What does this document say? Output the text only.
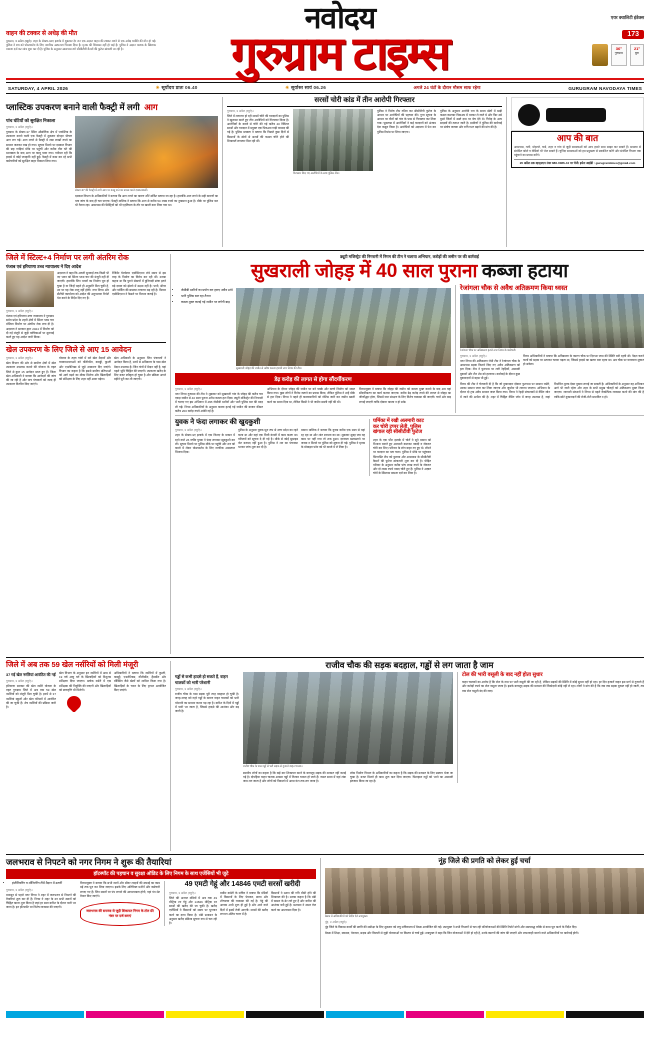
वाहन की टक्कर से अधेड़ की मौत
गुरुग्राम, 3 अप्रैल (ब्यूरो)। शहर के सेक्टर-10ए इलाके में शुक्रवार देर रात एक अज्ञात वाहन की टक्कर लगने से एक अधेड़ व्यक्ति की मौत हो गई। पुलिस ने शव को पोस्टमार्टम के लिए नागरिक अस्पताल भिजवा दिया है। मृतक की शिनाख्त नहीं हो पाई है। पुलिस ने अज्ञात चालक के खिलाफ मामला दर्ज कर जांच शुरू कर दी है। पुलिस के अनुसार आसपास लगे सीसीटीवी कैमरों की फुटेज खंगाली जा रही है।
नवोदय
गुरुग्राम टाइम्स
एयर क्वालिटी इंडेक्स
173
36°
गुरुग्राम
21°
बुरा
SATURDAY, 4 APRIL 2026	☀ सूर्योदय प्रातः 06.40	☀ सूर्यास्त सायं 06.26	अगले 24 घंटों के दौरान मौसम साफ रहेगा	GURUGRAM NAVODAYA TIMES
प्लास्टिक उपकरण बनाने वाली फैक्ट्री में लगी आग
पांच घंटियों को सुरक्षित निकाला
गुरुग्राम, 3 अप्रैल (ब्यूरो)।
गुरुग्राम के सेक्टर-37 स्थित औद्योगिक क्षेत्र में प्लास्टिक के उपकरण बनाने वाली एक फैक्ट्री में शुक्रवार दोपहर भीषण आग लग गई। आग लगने से फैक्ट्री में रखा लाखों रुपये का सामान जलकर राख हो गया। सूचना मिलने पर दमकल विभाग की छह गाड़ियां मौके पर पहुंचीं और करीब तीन घंटे की मशक्कत के बाद आग पर काबू पाया गया। गनीमत रही कि हादसे में कोई जनहानि नहीं हुई। फैक्ट्री में काम कर रहे सभी कर्मचारियों को सुरक्षित बाहर निकाल लिया गया।
सेक्टर-37 की फैक्ट्री में लगी आग पर काबू पाने का प्रयास करते दमकलकर्मी।
दमकल विभाग के अधिकारियों ने बताया कि आग लगने का कारण शॉर्ट सर्किट बताया जा रहा है। हालांकि आग लगने के सही कारणों का पता जांच के बाद ही चल पाएगा। फैक्ट्री मालिक ने बताया कि आग से करीब 50 लाख रुपये का नुकसान हुआ है। मौके पर पुलिस बल भी तैनात रहा। आसपास की फैक्ट्रियों को भी एहतियात के तौर पर खाली करा लिया गया था।
सरसों चोरी कांड में तीन आरोपी गिरफ्तार
गुरुग्राम, 3 अप्रैल (ब्यूरो)।
जिले में लगातार हो रही सरसों चोरी की वारदातों का पुलिस ने खुलासा करते हुए तीन आरोपियों को गिरफ्तार किया है। आरोपियों के कब्जे से चोरी की गई करीब 40 क्विंटल सरसों और वारदात में प्रयुक्त एक पिकअप गाड़ी बरामद की गई है। पुलिस प्रवक्ता ने बताया कि पिछले कुछ दिनों से किसानों के खेतों से सरसों की फसल चोरी होने की शिकायतें लगातार मिल रही थीं।
गिरफ्तार किए गए आरोपियों के साथ पुलिस टीम।
पुलिस ने विशेष टीम गठित कर सीसीटीवी फुटेज के आधार पर आरोपियों की पहचान की। गुप्त सूचना के आधार पर तीनों को गांव के पास से गिरफ्तार कर लिया गया। पूछताछ में आरोपियों ने कई वारदातों को अंजाम देना कबूल किया है। आरोपियों को अदालत में पेश कर पुलिस रिमांड पर लिया जाएगा।
पुलिस के अनुसार आरोपी रात के समय खेतों में खड़ी फसल काटकर पिकअप में भरकर ले जाते थे और फिर उसे दूसरे जिलों में सस्ते दाम पर बेच देते थे। गिरोह के अन्य सदस्यों की तलाश जारी है। ग्रामीणों ने पुलिस की कार्रवाई पर संतोष जताया और रात्रि गश्त बढ़ाने की मांग की है।
आप की बात
आसपास, गली, मोहल्ले, वार्ड, शहर व गांव से जुड़ी समस्याओं को आप हमारे साथ साझा कर सकते हैं। समस्या से संबंधित फोटो व वीडियो भी भेज सकते हैं। चुनिंदा समस्याओं को हम प्रमुखता से प्रकाशित करेंगे और संबंधित विभाग तक पहुंचाने का प्रयास करेंगे।
20 अप्रैल तक व्हाट्सएप नंबर 886-0086-44 पर भेजें। इमेल आईडी : gurugramtimes@gmail.com
जिले में स्टिल्ट+4 निर्माण पर लगी अंतरिम रोक
पंजाब एवं हरियाणा उच्च न्यायालय ने दिए आदेश
गुरुग्राम, 3 अप्रैल (ब्यूरो)।
पंजाब एवं हरियाणा उच्च न्यायालय ने गुरुग्राम समेत प्रदेश के शहरी क्षेत्रों में स्टिल्ट प्लस चार मंजिला निर्माण पर अंतरिम रोक लगा दी है। अदालत ने सरकार द्वारा 2024 में निर्माण को दी गई मंजूरी से जुड़ी याचिकाओं पर सुनवाई करते हुए यह आदेश जारी किया।
अदालत ने कहा कि अगली सुनवाई तक किसी भी नए भवन को स्टिल्ट प्लस चार की मंजूरी नहीं दी जाएगी। हालांकि जिन भवनों का निर्माण पूरा हो चुका है या जिन्हें पहले ही अनुमति मिल चुकी है, उन पर यह रोक लागू नहीं होगी। नगर निगम और डीटीपी कार्यालय को आदेश की अनुपालना रिपोर्ट पेश करने के निर्देश दिए गए हैं।
रेजिडेंट वेलफेयर एसोसिएशन लंबे समय से इस तरह के निर्माण का विरोध कर रही थीं। उनका कहना था कि पुराने सेक्टरों में बुनियादी ढांचा इतने बड़े दबाव को झेलने में सक्षम नहीं है। पानी, सीवर और पार्किंग की समस्या लगातार बढ़ रही है। बिल्डर एसोसिएशन ने फैसले पर निराशा जताई है।
खेल उपकरण के लिए जिले से आए 15 आवेदन
गुरुग्राम, 3 अप्रैल (ब्यूरो)।
खेल विभाग की ओर से ग्रामीण क्षेत्रों में खेल उपकरण उपलब्ध कराने की योजना के तहत जिले से कुल 15 आवेदन प्राप्त हुए हैं। जिला खेल अधिकारी ने बताया कि आवेदनों की जांच की जा रही है और पात्र पंचायतों को जल्द ही उपकरण वितरित किए जाएंगे।
योजना के तहत गांवों में बने खेल मैदानों और व्यायामशालाओं को वॉलीबॉल, कबड्डी, कुश्ती और एथलेटिक्स से जुड़े उपकरण दिए जाएंगे। विभाग का कहना है कि इससे ग्रामीण प्रतिभाओं को आगे बढ़ने का मौका मिलेगा और खिलाड़ियों को प्रशिक्षण के लिए शहर नहीं आना पड़ेगा।
खेल अधिकारी के अनुसार जिन पंचायतों ने आवेदन किया है, उनमें से अधिकतर के पास खेल मैदान उपलब्ध है। जिन गांवों में मैदान नहीं है, वहां पहले भूमि चिह्नित की जाएगी। उपकरण खरीद के लिए बजट स्वीकृत हो चुका है और प्रक्रिया अगले महीने पूरी कर ली जाएगी।
ड्यूटी मजिस्ट्रेट की निगरानी में निगम की टीम ने चलाया अभियान, करोड़ों की जमीन पर की कार्रवाई
सुखराली जोहड़ में 40 साल पुराना कब्जा हटाया
• जेसीबी मशीनों का प्रयोग कर हटाए अवैध ढांचे
• भारी पुलिस बल रहा तैनात
• कब्जा मुक्त कराई गई जमीन पर लगेगी बाड़
सुखराली जोहड़ की जमीन से अवैध कब्जा हटाती नगर निगम की टीम।
डेढ़ करोड़ की लागत से होगा सौंदर्यीकरण
गुरुग्राम, 3 अप्रैल (ब्यूरो)।
नगर निगम गुरुग्राम की टीम ने शुक्रवार को सुखराली गांव के जोहड़ की करीब चार एकड़ जमीन से 40 साल पुराना अवैध कब्जा हटा दिया। ड्यूटी मजिस्ट्रेट की निगरानी में चलाए गए इस अभियान में आठ जेसीबी मशीनों और भारी पुलिस बल की मदद ली गई। निगम अधिकारियों के अनुसार कब्जा हटाई गई जमीन की बाजार कीमत करीब 200 करोड़ रुपये आंकी गई है।
अभियान के दौरान जोहड़ की जमीन पर बने पक्के और कच्चे निर्माण को ध्वस्त किया गया। कुछ लोगों ने विरोध जताने का प्रयास किया, लेकिन पुलिस ने उन्हें मौके से हटा दिया। निगम ने पहले ही कब्जाधारियों को नोटिस जारी कर जमीन खाली करने का समय दिया था, लेकिन किसी ने भी जमीन खाली नहीं की थी।
निगमायुक्त ने बताया कि जोहड़ की जमीन को कब्जा मुक्त कराने के बाद अब वहां सौंदर्यीकरण का कार्य कराया जाएगा। करीब डेढ़ करोड़ रुपये की लागत से जोहड़ का जीर्णोद्धार होगा, जिसमें जल संरक्षण के लिए विशेष व्यवस्था की जाएगी। चारों ओर बाड़ लगाई जाएगी ताकि दोबारा कब्जा न हो सके।
रेजांगला चौक से अवैध अतिक्रमण किया ध्वस्त
रेजांगला चौक पर अतिक्रमण हटाते नगर निगम के कर्मचारी।
गुरुग्राम, 3 अप्रैल (ब्यूरो)।
नगर निगम की अतिक्रमण रोधी टीम ने रेजांगला चौक के आसपास सड़क किनारे किए गए अवैध अतिक्रमण को हटा दिया। टीम ने फुटपाथ पर लगी रेहड़ियों, अस्थायी दुकानों और टीन शेड को हटवाया। कार्रवाई के दौरान कुछ दुकानदारों से बहस भी हुई।
निगम अधिकारियों ने बताया कि अतिक्रमण के कारण चौक पर दिनभर जाम की स्थिति बनी रहती थी। पैदल चलने वालों को सड़क पर उतरकर चलना पड़ता था, जिससे हादसे का खतरा बना रहता था। अब चौक पर यातायात सुचारु हो सकेगा।
निगम की टीम ने चेतावनी दी है कि जो दुकानदार दोबारा फुटपाथ पर सामान रखेंगे, उनका सामान जब्त कर लिया जाएगा और जुर्माना भी लगाया जाएगा। अभियान के दौरान दो ट्रक अवैध सामान जब्त किया गया। निगम ने रेहड़ी संचालकों से वेंडिंग जोन में जाने की अपील की है। शहर में चिह्नित वेंडिंग जोन में जगह उपलब्ध है, जहां निर्धारित शुल्क देकर दुकान लगाई जा सकती है। अधिकारियों के अनुसार यह अभियान आगे भी जारी रहेगा और शहर के सभी प्रमुख चौराहों को अतिक्रमण मुक्त किया जाएगा। व्यापारी संगठनों ने निगम से पहले वैकल्पिक व्यवस्था करने की मांग की है ताकि छोटे दुकानदारों की रोजी-रोटी प्रभावित न हो।
युवक ने फंदा लगाकर की खुदकुशी
गुरुग्राम, 3 अप्रैल (ब्यूरो)।
शहर के सेक्टर-9ए इलाके में एक किराए के मकान में रहने वाले 26 वर्षीय युवक ने फंदा लगाकर खुदकुशी कर ली। सूचना मिलने पर पुलिस मौके पर पहुंची और शव को कब्जे में लेकर पोस्टमार्टम के लिए नागरिक अस्पताल भिजवा दिया।
पुलिस के अनुसार युवक मूल रूप से उत्तर प्रदेश का रहने वाला था और यहां एक निजी कंपनी में काम करता था। परिजनों को सूचना दे दी गई है। मौके से कोई सुसाइड नोट बरामद नहीं हुआ है। पुलिस ने शव का पंचनामा भरकर जांच शुरू कर दी है।
मकान मालिक ने बताया कि युवक करीब एक साल से यहां रह रहा था और शांत स्वभाव का था। शुक्रवार सुबह जब वह काम पर नहीं गया तो शक हुआ। दरवाजा खटखटाने पर जवाब न मिलने पर पुलिस को सूचना दी गई। पुलिस ने मृतक के मोबाइल फोन को भी कब्जे में ले लिया है।
घर्मिका में रखी अलमारी काट कर चोरी टप्पर लेती, पुलिस खंगाल रही सीसीटीवी फुटेज
शहर के एक पॉश इलाके में चोरों ने सूने मकान को निशाना बनाते हुए अलमारी काटकर नकदी व जेवरात चोरी कर लिए। परिवार के लोग बाहर गए हुए थे। लौटने पर वारदात का पता चला। पुलिस ने मौके पर पहुंचकर फिंगरप्रिंट टीम को बुलाया और आसपास के सीसीटीवी कैमरों की फुटेज खंगालनी शुरू कर दी है। पीड़ित परिवार के अनुसार करीब पांच लाख रुपये के जेवरात और दो लाख रुपये नकद चोरी हुए हैं। पुलिस ने अज्ञात चोरों के खिलाफ मामला दर्ज कर लिया है।
जिले में अब तक 59 खेल नर्सरियों को मिली मंजूरी
37 गई खेल नर्सरियां आवंटित की गईं
गुरुग्राम, 3 अप्रैल (ब्यूरो)।
हरियाणा सरकार की खेल नर्सरी योजना के तहत गुरुग्राम जिले में अब तक 59 खेल नर्सरियों को मंजूरी मिल चुकी है। इनमें से 37 नर्सरियां स्कूलों और खेल परिसरों में आवंटित की जा चुकी हैं। शेष नर्सरियों की प्रक्रिया जारी है।
खेल विभाग के अनुसार इन नर्सरियों में आठ से 19 वर्ष आयु वर्ग के खिलाड़ियों को निशुल्क प्रशिक्षण दिया जाएगा। प्रत्येक नर्सरी में एक प्रशिक्षक की नियुक्ति की जाएगी और खिलाड़ियों को छात्रवृत्ति भी मिलेगी।
अधिकारियों ने बताया कि नर्सरियों में कुश्ती, कबड्डी, एथलेटिक्स, वॉलीबॉल, हैंडबॉल और बॉक्सिंग जैसे खेलों को शामिल किया गया है। खिलाड़ियों के चयन के लिए ट्रायल आयोजित किए जाएंगे।
राजीव चौक की सड़क बदहाल, गड्ढों से लग जाता है जाम
गड्ढों से कभी हादसे हो सकते हैं, वाहन चालकों को भारी परेशानी
गुरुग्राम, 3 अप्रैल (ब्यूरो)।
राजीव चौक के पास सड़क पूरी तरह बदहाल हो चुकी है। जगह-जगह बने गहरे गड्ढों के कारण वाहन चालकों को भारी परेशानी का सामना करना पड़ रहा है। बारिश के दिनों में गड्ढों में पानी भर जाता है, जिससे हादसे की आशंका और बढ़ जाती है।
राजीव चौक के पास गड्ढों से भरी सड़क से गुजरते वाहन चालक।
स्थानीय लोगों का कहना है कि कई बार शिकायत करने के बावजूद सड़क की मरम्मत नहीं कराई गई है। दोपहिया वाहन चालक अक्सर गड्ढों में गिरकर घायल हो जाते हैं। व्यस्त समय में यहां लंबा जाम लग जाता है और लोगों को निकलने में आधा घंटा तक लग जाता है।
लोक निर्माण विभाग के अधिकारियों का कहना है कि सड़क की मरम्मत के लिए प्रस्ताव भेजा जा चुका है। बजट मिलते ही काम शुरू करा दिया जाएगा। फिलहाल गड्ढों को भरने का अस्थायी इंतजाम किया जा रहा है।
टोल की भारी वसूली के बाद नहीं होता सुधार
वाहन चालकों का आरोप है कि टोल के नाम पर भारी वसूली की जा रही है, लेकिन सड़कों की स्थिति में कोई सुधार नहीं हो रहा। हर दिन हजारों वाहन इस मार्ग से गुजरते हैं और करोड़ों रुपये का टोल वसूला जाता है। इसके बावजूद सड़क की मरम्मत की जिम्मेदारी कोई नहीं ले रहा। लोगों ने मांग की है कि जब तक सड़क दुरुस्त नहीं हो जाती, तब तक टोल वसूली बंद की जाए।
जलभराव से निपटने को नगर निगम ने शुरू की तैयारियां
हॉटस्पॉट की पहचान व सुरक्षा ऑडिट के लिए निगम के साथ एजेंसियों भी जुटे
• इंजीनियरिंग व मॉनिटरिंग टीमें मैदान में उतारीं
गुरुग्राम, 3 अप्रैल (ब्यूरो)।
मानसून से पहले नगर निगम ने शहर में जलभराव से निपटने की तैयारियां शुरू कर दी हैं। निगम ने शहर के उन सभी स्थानों को चिह्नित करना शुरू किया है जहां हर साल बारिश के दौरान पानी भर जाता है। इन हॉटस्पॉट पर विशेष व्यवस्था की जाएगी।
निगमायुक्त ने बताया कि सभी नालों और सीवर लाइनों की सफाई का काम मई तक पूरा कर लिया जाएगा। इसके लिए अतिरिक्त मशीनें और कर्मचारी लगाए गए हैं। जिन स्थानों पर पंप लगाने की आवश्यकता होगी, वहां पंप सेट तैनात किए जाएंगे।
जलभराव की समस्या से जुड़ी शिकायत निगम के टोल फ्री नंबर पर दर्ज कराएं
49 एमटी गेहूं और 14846 एमटी सरसों खरीदी
गुरुग्राम, 3 अप्रैल (ब्यूरो)।
जिले की अनाज मंडियों में अब तक 49 मीट्रिक टन गेहूं और 14846 मीट्रिक टन सरसों की खरीद की जा चुकी है। खरीद एजेंसियों ने किसानों को समय पर भुगतान करने का दावा किया है। मंडी प्रशासन के अनुसार खरीद प्रक्रिया सुचारु रूप से चल रही है।
मार्केट कमेटी के सचिव ने बताया कि मंडियों में किसानों के लिए पेयजल, छाया और शौचालय की व्यवस्था की गई है। गेहूं की आवक अभी शुरू ही हुई है और आने वाले दिनों में इसमें तेजी आएगी। सरसों की खरीद लगभग अंतिम चरण में है।
किसानों ने उठान की गति धीमी होने की शिकायत की है। उनका कहना है कि मंडी में फसल के ढेर लगे हुए हैं और बारिश की आशंका बनी हुई है। प्रशासन ने उठान तेज करने का आश्वासन दिया है।
नूंह जिले की प्रगति को लेकर हुई चर्चा
बैठक में अधिकारियों को निर्देश देते उपायुक्त।
नूंह, 3 अप्रैल (ब्यूरो)।
नूंह जिले के विकास कार्यों की प्रगति की समीक्षा के लिए शुक्रवार को लघु सचिवालय में बैठक आयोजित की गई। उपायुक्त ने सभी विभागों से चल रही परियोजनाओं की स्थिति रिपोर्ट मांगी और समयबद्ध तरीके से काम पूरा करने के निर्देश दिए।
बैठक में शिक्षा, स्वास्थ्य, पेयजल, सड़क और बिजली से जुड़ी योजनाओं पर विस्तार से चर्चा हुई। उपायुक्त ने कहा कि जिन योजनाओं में देरी हो रही है, उनके कारणों की जांच की जाएगी और लापरवाही बरतने वाले अधिकारियों पर कार्रवाई होगी।
